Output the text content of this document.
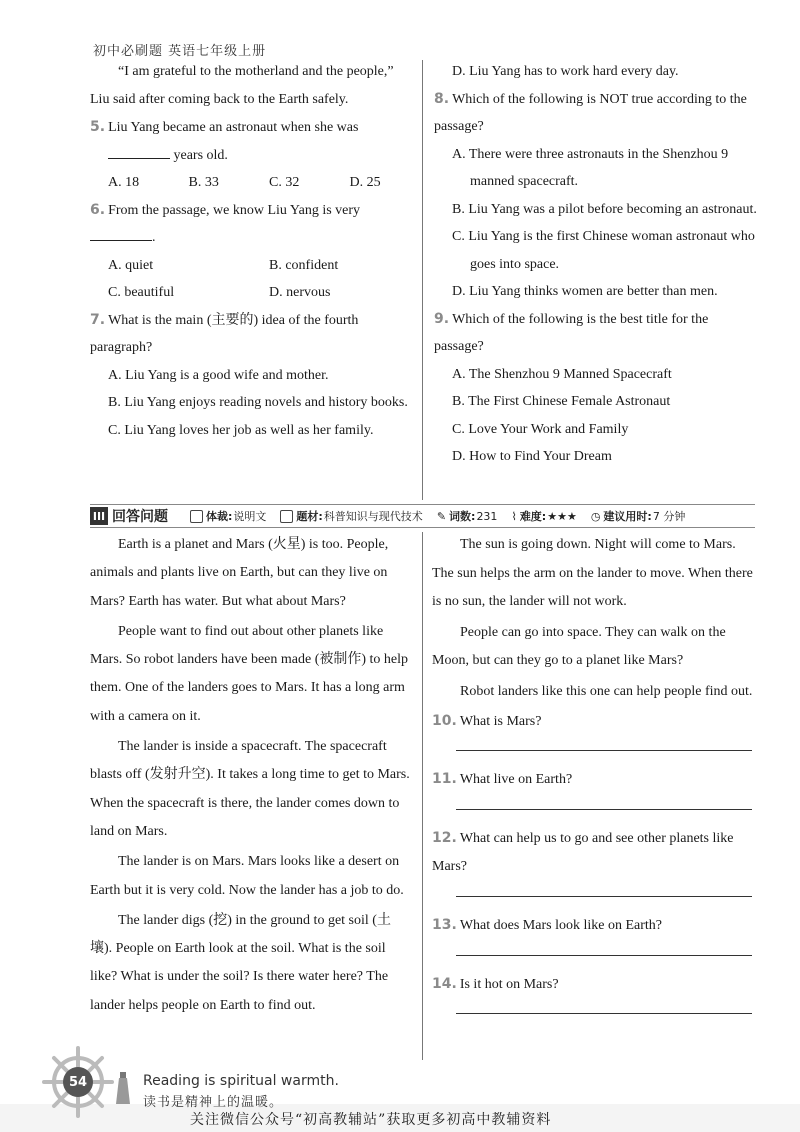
初中必刷题 英语七年级上册

“I am grateful to the motherland and the people,” Liu said after coming back to the Earth safely.

5. Liu Yang became an astronaut when she was

years old.

A. 18	B. 33	C. 32	D. 25

6. From the passage, we know Liu Yang is very .

A. quiet	B. confident
C. beautiful	D. nervous

7. What is the main (主要的) idea of the fourth paragraph?

A. Liu Yang is a good wife and mother.

B. Liu Yang enjoys reading novels and history books.

C. Liu Yang loves her job as well as her family.

D. Liu Yang has to work hard every day.

8. Which of the following is NOT true according to the passage?

A. There were three astronauts in the Shenzhou 9 manned spacecraft.

B. Liu Yang was a pilot before becoming an astronaut.

C. Liu Yang is the first Chinese woman astronaut who goes into space.

D. Liu Yang thinks women are better than men.

9. Which of the following is the best title for the passage?

A. The Shenzhou 9 Manned Spacecraft

B. The First Chinese Female Astronaut

C. Love Your Work and Family

D. How to Find Your Dream

III 回答问题	体裁: 说明文	题材: 科普知识与现代技术 ✎ 词数: 231 ⌇ 难度: ★★★ ◷ 建议用时: 7 分钟

Earth is a planet and Mars (火星) is too. People, animals and plants live on Earth, but can they live on Mars? Earth has water. But what about Mars?

People want to find out about other planets like Mars. So robot landers have been made (被制作) to help them. One of the landers goes to Mars. It has a long arm with a camera on it.

The lander is inside a spacecraft. The spacecraft blasts off (发射升空). It takes a long time to get to Mars. When the spacecraft is there, the lander comes down to land on Mars.

The lander is on Mars. Mars looks like a desert on Earth but it is very cold. Now the lander has a job to do.

The lander digs (挖) in the ground to get soil (土壤). People on Earth look at the soil. What is the soil like? What is under the soil? Is there water here? The lander helps people on Earth to find out.

The sun is going down. Night will come to Mars. The sun helps the arm on the lander to move. When there is no sun, the lander will not work.

People can go into space. They can walk on the Moon, but can they go to a planet like Mars?

Robot landers like this one can help people find out.

10. What is Mars?

11. What live on Earth?

12. What can help us to go and see other planets like Mars?

13. What does Mars look like on Earth?

14. Is it hot on Mars?

54	Reading is spiritual warmth.
读书是精神上的温暖。
关注微信公众号“初高教辅站”获取更多初高中教辅资料
